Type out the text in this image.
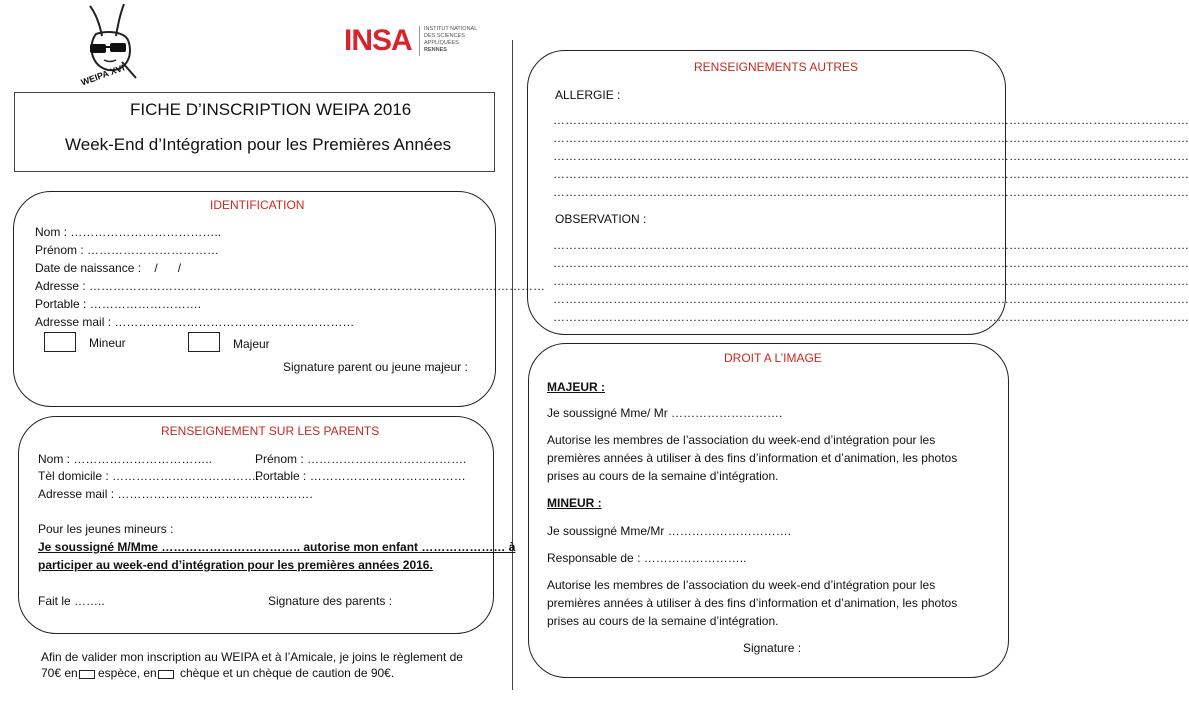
WEIPA XVI
INSA INSTITUT NATIONAL
DES SCIENCES
APPLIQUÉES
RENNES
FICHE D’INSCRIPTION WEIPA 2016
Week-End d’Intégration pour les Premières Années
IDENTIFICATION
Nom : ………………………………..
Prénom : ……………………………
Date de naissance :    /      /
Adresse : ……………………………………………………………………………………………………
Portable : ……………………….
Adresse mail : ……………………………………………………
Mineur	Majeur
Signature parent ou jeune majeur :
RENSEIGNEMENT SUR LES PARENTS
Nom : ……………………………..	Prénom : ………………………………….
Tèl domicile : ………………………………..
Portable : …………………………………
Adresse mail : ………………………………………….
Pour les jeunes mineurs :
Je soussigné M/Mme …………………………….. autorise mon enfant ………………… à
participer au week-end d’intégration pour les premières années 2016.
Fait le ……..	Signature des parents :
Afin de valider mon inscription au WEIPA et à l’Amicale, je joins le règlement de
70€ en espèce, en chèque et un chèque de caution de 90€.
RENSEIGNEMENTS AUTRES
ALLERGIE :
……………………………………………………………………………………………………………………………………………
……………………………………………………………………………………………………………………………………………
……………………………………………………………………………………………………………………………………………
……………………………………………………………………………………………………………………………………………
……………………………………………………………………………………………………………………………………………
OBSERVATION :
……………………………………………………………………………………………………………………………………………
……………………………………………………………………………………………………………………………………………
……………………………………………………………………………………………………………………………………………
……………………………………………………………………………………………………………………………………………
……………………………………………………………………………………………………………………………………………
DROIT A L’IMAGE
MAJEUR :
Je soussigné Mme/ Mr ……………………….
Autorise les membres de l’association du week-end d’intégration pour les
premières années à utiliser à des fins d’information et d’animation, les photos
prises au cours de la semaine d’intégration.
MINEUR :
Je soussigné Mme/Mr ………………………….
Responsable de : ……………………..
Autorise les membres de l’association du week-end d’intégration pour les
premières années à utiliser à des fins d’information et d’animation, les photos
prises au cours de la semaine d’intégration.
Signature :
